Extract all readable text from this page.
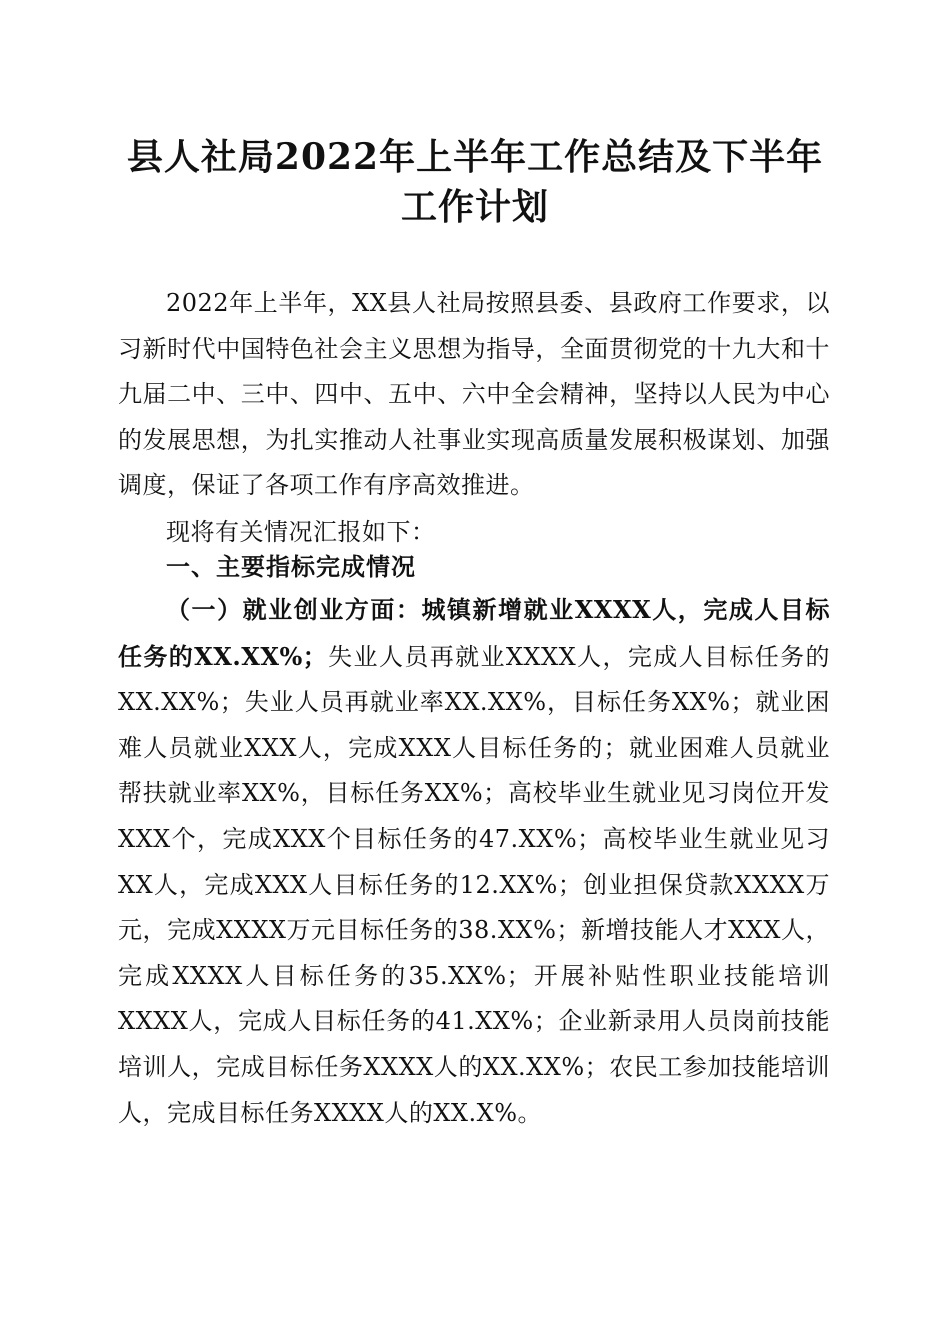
县人社局2022年上半年工作总结及下半年工作计划

2022年上半年，XX县人社局按照县委、县政府工作要求，以习新时代中国特色社会主义思想为指导，全面贯彻党的十九大和十九届二中、三中、四中、五中、六中全会精神，坚持以人民为中心的发展思想，为扎实推动人社事业实现高质量发展积极谋划、加强调度，保证了各项工作有序高效推进。

现将有关情况汇报如下：

一、主要指标完成情况

（一）就业创业方面：城镇新增就业XXXX人，完成人目标任务的XX.XX%；失业人员再就业XXXX人，完成人目标任务的XX.XX%；失业人员再就业率XX.XX%，目标任务XX%；就业困难人员就业XXX人，完成XXX人目标任务的；就业困难人员就业帮扶就业率XX%，目标任务XX%；高校毕业生就业见习岗位开发XXX个，完成XXX个目标任务的47.XX%；高校毕业生就业见习XX人，完成XXX人目标任务的12.XX%；创业担保贷款XXXX万元，完成XXXX万元目标任务的38.XX%；新增技能人才XXX人，完成XXXX人目标任务的35.XX%；开展补贴性职业技能培训XXXX人，完成人目标任务的41.XX%；企业新录用人员岗前技能培训人，完成目标任务XXXX人的XX.XX%；农民工参加技能培训人，完成目标任务XXXX人的XX.X%。
